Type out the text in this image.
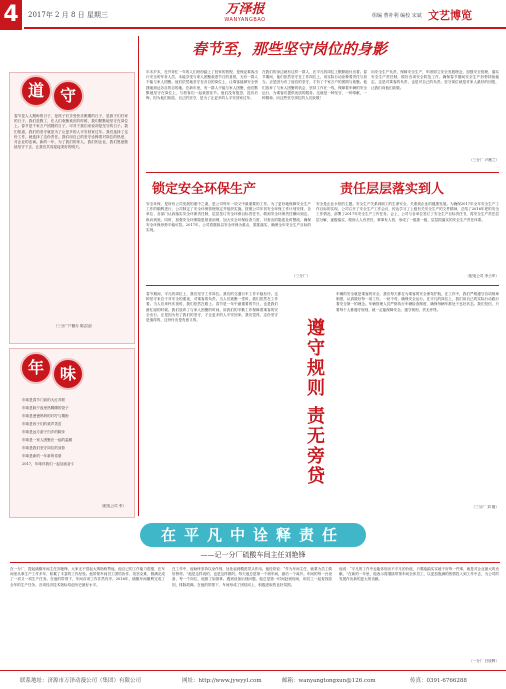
4	2017年 2 月 8 日 星期三	万泽报
WANYANGBAO
组编 曹补利 编校 宋斌 文艺博览
春节至，那些坚守岗位的身影
年末岁末，在外奔忙一年的人们纷纷踏上了回家的旅程，是保证乘客出行安全的车务人员，未能享受与家人团聚欢度节日的喜悦，无有一群人不能与家人团聚。他们依然地坚守在各自的岗位上，让乘客能够安全快捷地到达各自的目的地。在新年里，有一群人不能与家人团聚，他们默默地坚守在岗位上，与旅客们一起欢度佳节。他们没有抱怨，没有后悔，因为他们知道，自己的坚守，是为了让更多的人平安回家过年。
在我们的身边就有这样一群人，在平凡的岗位上默默地付出着。春节期间，他们依然坚守在工作岗位上，用实际行动诠释着责任与担当。正是因为有了他们的坚守，才有了千家万户的团圆与欢聚。他们放弃了与家人团聚的机会，坚持工作在一线，保障着车辆的安全运行，为乘客们提供优质的服务。这就是一种坚守，一种奉献，一种精神。向这些坚守岗位的人们致敬！
向安全生产负责，保障安全生产，牢固树立安全发展理念，加强安全管理，落实安全生产责任制，做好各项安全防范工作，确保春节期间安全生产形势持续稳定。这是对乘客的负责，也是对自己的负责。坚守岗位就是对家人最好的回报，让我们向他们致敬。
（三分厂 卢薇兰）
道 守
春节是人人期盼的日子，是孩子们享受快乐假期的日子，是游子们归家的日子。我们放假了，在人们欢聚欢庆的时候，我们默默地坚守在岗位上。春节是千家万户团圆的日子，可对于我们来说却是坚守的日子。我们知道，我们的坚守就是为了让更多的人平安回家过年。我们选择了这份工作，就选择了这份责任。我们用自己的坚守诠释着对岗位的热爱，对企业的忠诚。新的一年，为了我们的家人，我们的企业，我们愿意继续坚守下去，让我们共同迎接美好的明天。
（三分厂户籍办 陈志旭）
年 味
年味是春节门前的大红对联
年味是除夕夜里热腾腾的饺子
年味是爸爸妈妈的叮咛与期盼
年味是孩子们的欢声笑语
年味是远方游子归乡的脚步
年味是一家人团聚在一起的温暖
年味是我们坚守岗位的身影
年味是新的一年新的希望
2017，年味伴我们一起加油奋斗
（配电公司 李）
锁定安全环保生产	责任层层落实到人
安全环保，是所有公司发展的重中之重，是公司每年一项又中最重要的工作。为了更好地保障安全生产工作的顺利进行，公司制定了安全环保管理规定并组织实施。按照公司年初安全环保工作计划安排，各单位、各部门认真落实安全环保责任制，层层签订安全环保目标责任书，做到安全环保责任横向到边、纵向到底。同时，加强安全环保隐患排查治理，加大安全环保检查力度，对查出的隐患及时整改，确保安全环保形势平稳可控。2017年，公司将继续以安全环保为重点，狠抓落实，确保全年安全生产目标的实现。
（三分厂）
安全是企业永恒的主题。安全生产关系到职工的生命安全，关系到企业的健康发展。为确保2017年全年安全生产工作目标的实现，公司召开了安全生产工作会议，传达学习了上级有关安全生产的文件精神，总结了2016年度的安全工作情况，部署了2017年安全生产工作任务。会上，公司与各单位签订了安全生产目标责任书，将安全生产责任层层分解、逐级落实，做到人人有责任，事事有人管，形成了一级抓一级、层层抓落实的安全生产责任体系。
（配电公司 李占军）
春节期间，平凡的岗位上，我们坚守工作岗位。我们的交通行车工作平稳有序。这种坚守来自于对安全的重视，对乘客的负责。当人们欢聚一堂时，我们依然在工作着。当人们举杯庆祝时，我们依然在路上。春节是一年中最重要的节日，也是我们最忙碌的时候。我们放弃了与家人团聚的时间，用我们的辛勤工作保障着乘客的安全出行。正是因为有了我们的坚守，才让更多的人平安回家。我们觉得，这份坚守是值得的，这份付出是有意义的。	遵守规则 责无旁贷
车辆的安全就是乘客的安全，我们每天都在为乘客的安全保驾护航。在工作中，我们严格遵守各项规章制度，认真做好每一项工作。一丝不苟，确保安全运行。在平凡的岗位上，我们用自己的实际行动践行着安全第一的理念。车辆管理人员严格执行车辆检查制度，确保每辆车都处于良好状态。我们坚信，只要每个人都遵守规则，就一定能保障安全。遵守规则，责无旁贷。
（三分厂 刘 刚）
在平凡中诠释责任
——记一分厂硫酸车间主任刘艳锋
在一分厂，提起硫酸车间主任刘艳锋，大家无不竖起大拇指称赞他。他自己的工作能力很强，在车间里从事生产工作多年，积累了丰富的工作经验。他带领车间员工团结协作，攻坚克难，圆满完成了一项又一项生产任务。在他的带领下，车间各项工作井然有序。2016年，硫酸车间顺利完成了全年的生产任务，各项经济技术指标均创历史最好水平。
在工作中，他始终坚持以身作则，处处起到模范带头作用。他经常说：“作为车间主任，就要为员工做好榜样。”他是这样说的，也是这样做的。每天他总是第一个到车间，最后一个离开。车间的每一台设备，每一个岗位，他都了如指掌。遇到设备出现问题，他总是第一时间赶到现场，和员工一起查找原因，排除故障。在他的带领下，车间形成了团结向上、积极进取的良好氛围。
他说：“平凡的工作中也能体现出不平凡的价值，只要踏踏实实地干好每一件事，就是对企业最大的贡献。”在新的一年里，他表示将继续带领车间全体员工，以更加饱满的热情投入到工作中去，为公司的发展作出新的更大的贡献。
（一分厂 吕欣辉）
联系地址：济源市万泽动漫公司（集团）有限公司	网址：http://www.jywyyl.com	邮箱：wanyangtongxun@126.com	传真：0391-6766288
